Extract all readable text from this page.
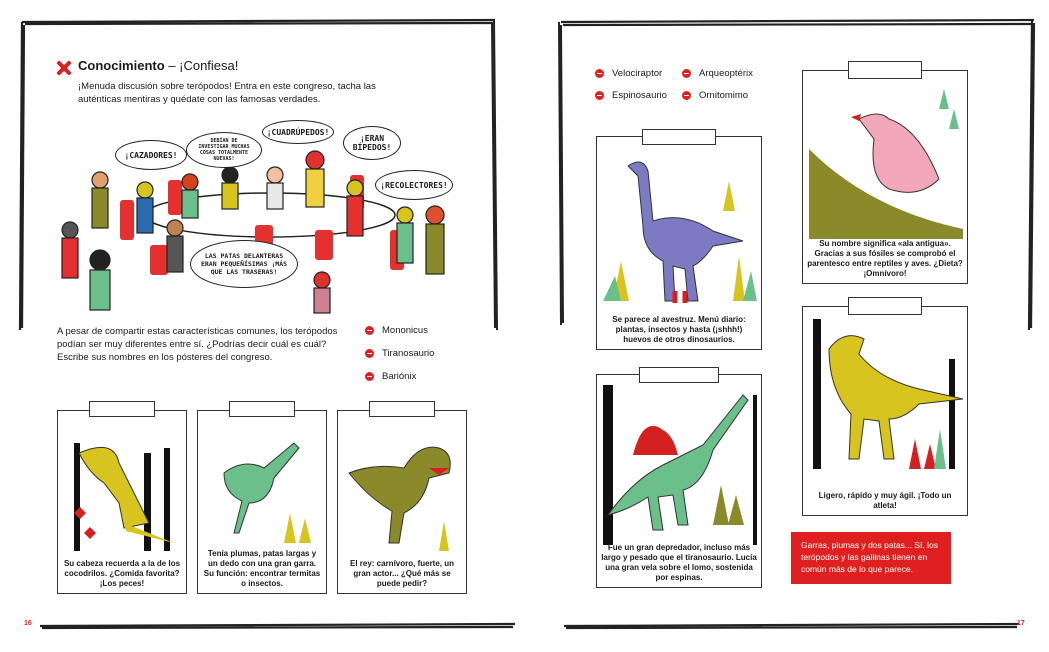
Conocimiento – ¡Confiesa!
¡Menuda discusión sobre terópodos! Entra en este congreso, tacha las auténticas mentiras y quédate con las famosas verdades.
¡CAZADORES!
DEBÍAN DE INVESTIGAR MUCHAS COSAS TOTALMENTE NUEVAS!
¡CUADRÚPEDOS!
¡ERAN BÍPEDOS!
¡RECOLECTORES!
LAS PATAS DELANTERAS ERAN PEQUEÑÍSIMAS ¡MÁS QUE LAS TRASERAS!
A pesar de compartir estas características comunes, los terópodos podían ser muy diferentes entre sí. ¿Podrías decir cuál es cuál? Escribe sus nombres en los pósteres del congreso.
Mononicus
Tiranosaurio
Bariónix
Su cabeza recuerda a la de los cocodrilos. ¿Comida favorita? ¡Los peces!
Tenía plumas, patas largas y un dedo con una gran garra. Su función: encontrar termitas o insectos.
El rey: carnívoro, fuerte, un gran actor... ¿Qué más se puede pedir?
16
Velociraptor
Espinosaurio
Arqueoptérix
Ornitomimo
Se parece al avestruz. Menú diario: plantas, insectos y hasta (¡shhh!) huevos de otros dinosaurios.
Su nombre significa «ala antigua». Gracias a sus fósiles se comprobó el parentesco entre reptiles y aves. ¿Dieta? ¡Omnívoro!
Fue un gran depredador, incluso más largo y pesado que el tiranosaurio. Lucía una gran vela sobre el lomo, sostenida por espinas.
Ligero, rápido y muy ágil. ¡Todo un atleta!
17
Garras, plumas y dos patas... Sí, los terópodos y las gallinas tienen en común más de lo que parece.
